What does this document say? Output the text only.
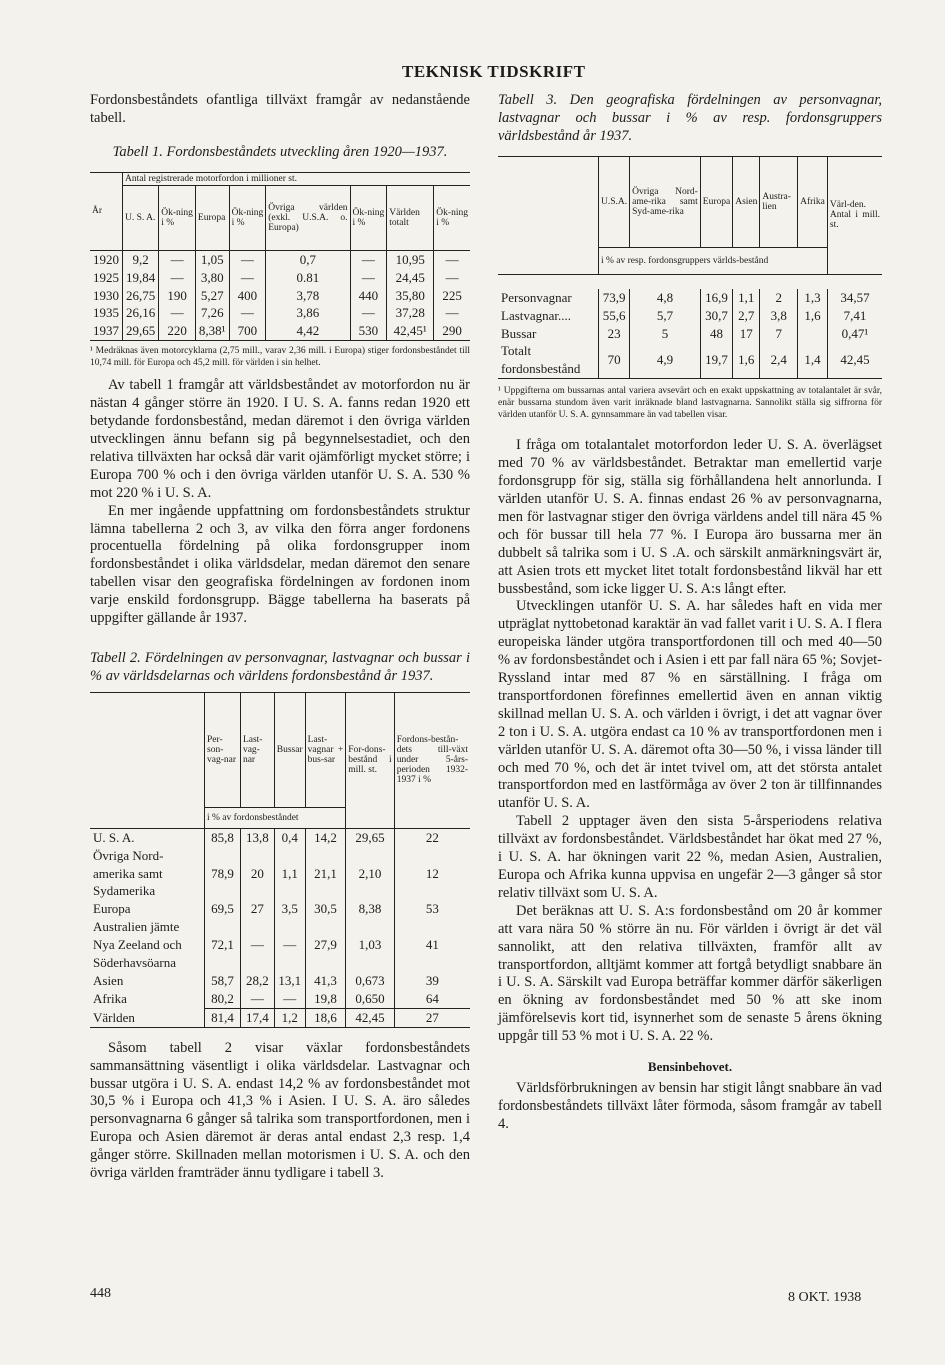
TEKNISK TIDSKRIFT

Fordonsbeståndets ofantliga tillväxt framgår av nedanstående tabell.

Tabell 1. Fordonsbeståndets utveckling åren 1920—1937.

År	Antal registrerade motorfordon i millioner st.							
	U. S. A.	Ök-ning i %	Europa	Ök-ning i %	Övriga världen (exkl. U.S.A. o. Europa)	Ök-ning i %	Världen totalt	Ök-ning i %
1920	9,2	—	1,05	—	0,7	—	10,95	—
1925	19,84	—	3,80	—	0.81	—	24,45	—
1930	26,75	190	5,27	400	3,78	440	35,80	225
1935	26,16	—	7,26	—	3,86	—	37,28	—
1937	29,65	220	8,38¹	700	4,42	530	42,45¹	290

¹ Medräknas även motorcyklarna (2,75 mill., varav 2,36 mill. i Europa) stiger fordonsbeståndet till 10,74 mill. för Europa och 45,2 mill. för världen i sin helhet.

Av tabell 1 framgår att världsbeståndet av motorfordon nu är nästan 4 gånger större än 1920. I U. S. A. fanns redan 1920 ett betydande fordonsbestånd, medan däremot i den övriga världen utvecklingen ännu befann sig på begynnelsestadiet, och den relativa tillväxten har också där varit ojämförligt mycket större; i Europa 700 % och i den övriga världen utanför U. S. A. 530 % mot 220 % i U. S. A.

En mer ingående uppfattning om fordonsbeståndets struktur lämna tabellerna 2 och 3, av vilka den förra anger fordonens procentuella fördelning på olika fordonsgrupper inom fordonsbeståndet i olika världsdelar, medan däremot den senare tabellen visar den geografiska fördelningen av fordonen inom varje enskild fordonsgrupp. Bägge tabellerna ha baserats på uppgifter gällande år 1937.

Tabell 2. Fördelningen av personvagnar, lastvagnar och bussar i % av världsdelarnas och världens fordonsbestånd år 1937.

	Per-son-vag-nar	Last-vag-nar	Bussar	Last-vagnar + bus-sar	For-dons-bestånd i mill. st.	Fordons-bestån-dets till-växt under 5-års-perioden 1932-1937 i %
	i % av fordonsbeståndet					
U. S. A.	85,8	13,8	0,4	14,2	29,65	22
Övriga Nord-amerika samt Sydamerika	78,9	20	1,1	21,1	2,10	12
Europa	69,5	27	3,5	30,5	8,38	53
Australien jämte Nya Zeeland och Söderhavsöarna	72,1	—	—	27,9	1,03	41
Asien	58,7	28,2	13,1	41,3	0,673	39
Afrika	80,2	—	—	19,8	0,650	64
Världen	81,4	17,4	1,2	18,6	42,45	27

Såsom tabell 2 visar växlar fordonsbeståndets sammansättning väsentligt i olika världsdelar. Lastvagnar och bussar utgöra i U. S. A. endast 14,2 % av fordonsbeståndet mot 30,5 % i Europa och 41,3 % i Asien. I U. S. A. äro således personvagnarna 6 gånger så talrika som transportfordonen, men i Europa och Asien däremot är deras antal endast 2,3 resp. 1,4 gånger större. Skillnaden mellan motorismen i U. S. A. och den övriga världen framträder ännu tydligare i tabell 3.

448

Tabell 3. Den geografiska fördelningen av personvagnar, lastvagnar och bussar i % av resp. fordonsgruppers världsbestånd år 1937.

	U.S.A.	Övriga Nord-ame-rika samt Syd-ame-rika	Europa	Asien	Austra-lien	Afrika	Värl-den. Antal i mill. st.
	i % av resp. fordonsgruppers världs-bestånd						

Personvagnar	73,9	4,8	16,9	1,1	2	1,3	34,57
Lastvagnar....	55,6	5,7	30,7	2,7	3,8	1,6	7,41
Bussar	23	5	48	17	7		0,47¹
Totalt fordonsbestånd	70	4,9	19,7	1,6	2,4	1,4	42,45

¹ Uppgifterna om bussarnas antal variera avsevärt och en exakt uppskattning av totalantalet är svår, enär bussarna stundom även varit inräknade bland lastvagnarna. Sannolikt ställa sig siffrorna för världen utanför U. S. A. gynnsammare än vad tabellen visar.

I fråga om totalantalet motorfordon leder U. S. A. överlägset med 70 % av världsbeståndet. Betraktar man emellertid varje fordonsgrupp för sig, ställa sig förhållandena helt annorlunda. I världen utanför U. S. A. finnas endast 26 % av personvagnarna, men för lastvagnar stiger den övriga världens andel till nära 45 % och för bussar till hela 77 %. I Europa äro bussarna mer än dubbelt så talrika som i U. S .A. och särskilt anmärkningsvärt är, att Asien trots ett mycket litet totalt fordonsbestånd likväl har ett bussbestånd, som icke ligger U. S. A:s långt efter.

Utvecklingen utanför U. S. A. har således haft en vida mer utpräglat nyttobetonad karaktär än vad fallet varit i U. S. A. I flera europeiska länder utgöra transportfordonen till och med 40—50 % av fordonsbeståndet och i Asien i ett par fall nära 65 %; Sovjet-Ryssland intar med 87 % en särställning. I fråga om transportfordonen förefinnes emellertid även en annan viktig skillnad mellan U. S. A. och världen i övrigt, i det att vagnar över 2 ton i U. S. A. utgöra endast ca 10 % av transportfordonen men i världen utanför U. S. A. däremot ofta 30—50 %, i vissa länder till och med 70 %, och det är intet tvivel om, att det största antalet transportfordon med en lastförmåga av över 2 ton är tillfinnandes utanför U. S. A.

Tabell 2 upptager även den sista 5-årsperiodens relativa tillväxt av fordonsbeståndet. Världsbeståndet har ökat med 27 %, i U. S. A. har ökningen varit 22 %, medan Asien, Australien, Europa och Afrika kunna uppvisa en ungefär 2—3 gånger så stor relativ tillväxt som U. S. A.

Det beräknas att U. S. A:s fordonsbestånd om 20 år kommer att vara nära 50 % större än nu. För världen i övrigt är det väl sannolikt, att den relativa tillväxten, framför allt av transportfordon, alltjämt kommer att fortgå betydligt snabbare än i U. S. A. Särskilt vad Europa beträffar kommer därför säkerligen en ökning av fordonsbeståndet med 50 % att ske inom jämförelsevis kort tid, isynnerhet som de senaste 5 årens ökning uppgår till 53 % mot i U. S. A. 22 %.

Bensinbehovet.

Världsförbrukningen av bensin har stigit långt snabbare än vad fordonsbeståndets tillväxt låter förmoda, såsom framgår av tabell 4.

8 OKT. 1938
